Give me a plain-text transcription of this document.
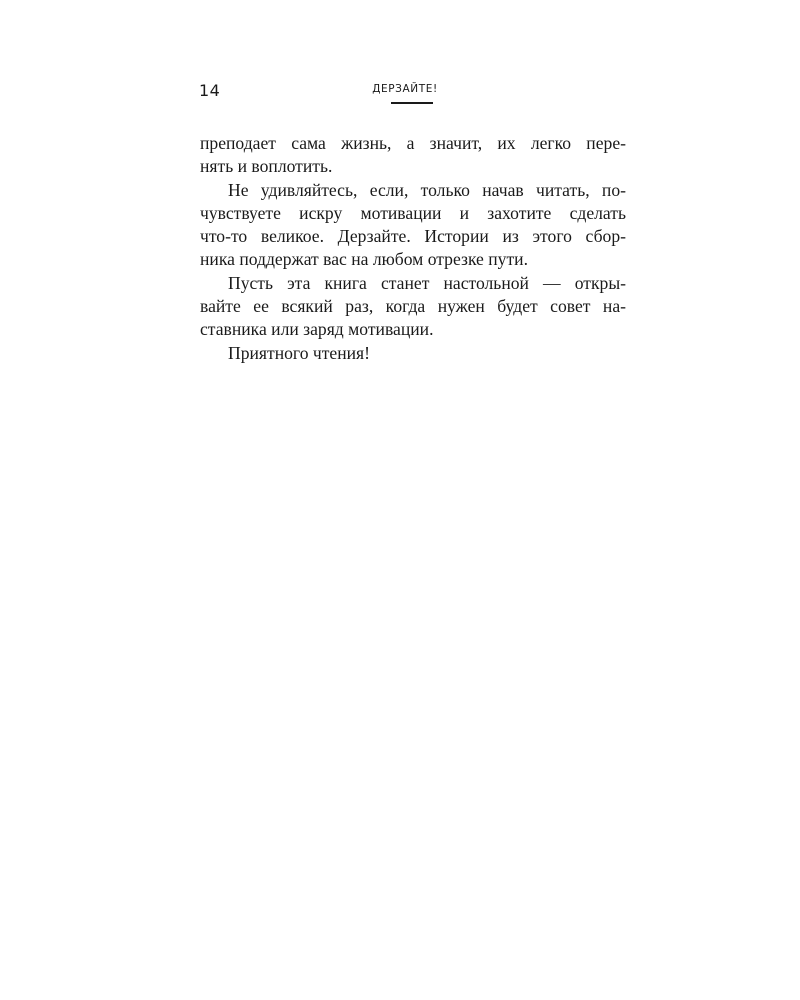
14	ДЕРЗАЙТЕ!

преподает сама жизнь, а значит, их легко пере-
нять и воплотить.

Не удивляйтесь, если, только начав читать, по-
чувствуете искру мотивации и захотите сделать
что-то великое. Дерзайте. Истории из этого сбор-
ника поддержат вас на любом отрезке пути.

Пусть эта книга станет настольной — откры-
вайте ее всякий раз, когда нужен будет совет на-
ставника или заряд мотивации.

Приятного чтения!
